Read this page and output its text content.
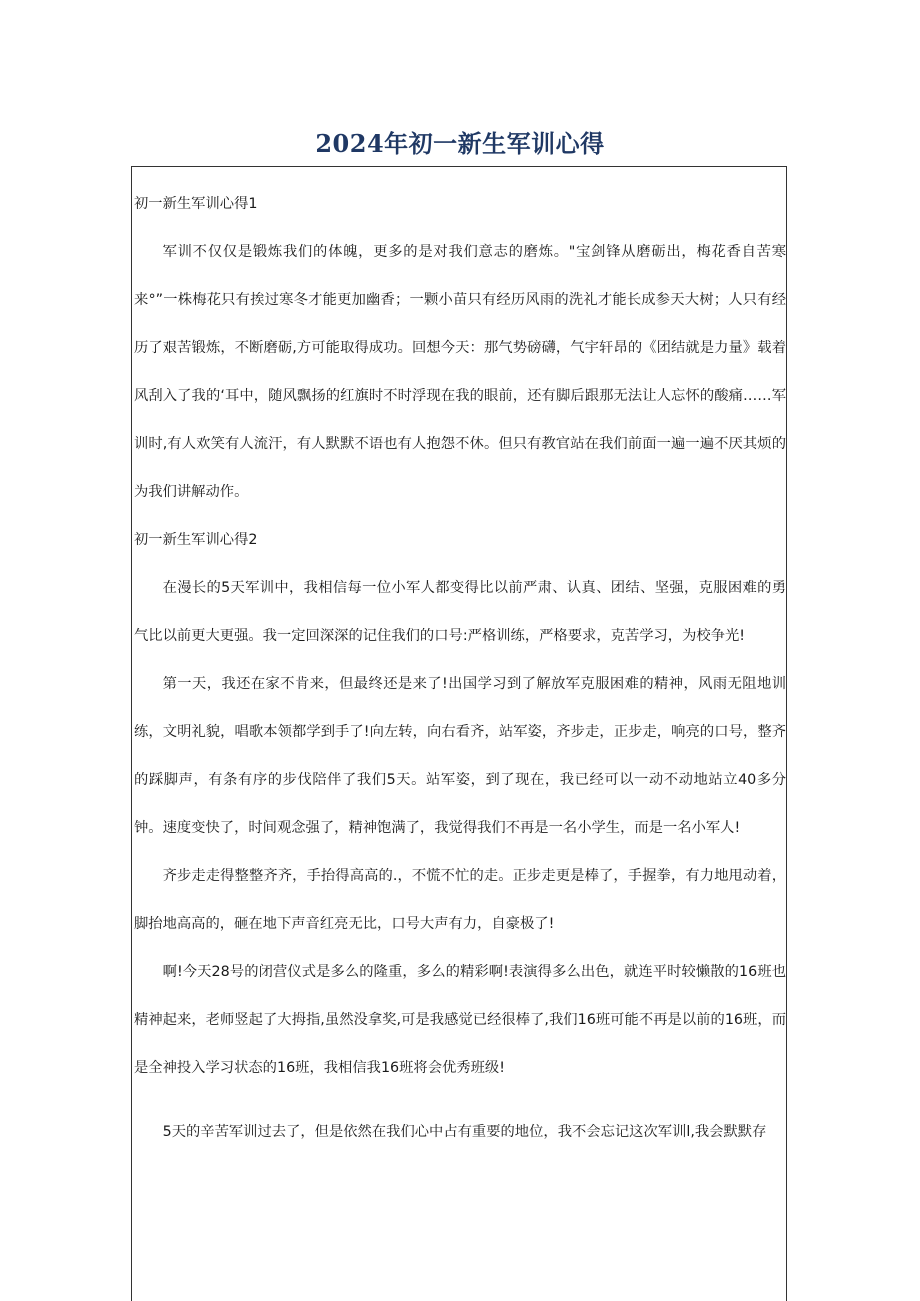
2024年初一新生军训心得

初一新生军训心得1

军训不仅仅是锻炼我们的体魄，更多的是对我们意志的磨炼。"宝剑锋从磨砺出，梅花香自苦寒来°”一株梅花只有挨过寒冬才能更加幽香；一颗小苗只有经历风雨的洗礼才能长成参天大树；人只有经历了艰苦锻炼，不断磨砺,方可能取得成功。回想今天：那气势磅礴，气宇轩昂的《团结就是力量》载着风刮入了我的‘耳中，随风飘扬的红旗时不时浮现在我的眼前，还有脚后跟那无法让人忘怀的酸痛……军训时,有人欢笑有人流汗，有人默默不语也有人抱怨不休。但只有教官站在我们前面一遍一遍不厌其烦的为我们讲解动作。

初一新生军训心得2

在漫长的5天军训中，我相信每一位小军人都变得比以前严肃、认真、团结、坚强，克服困难的勇气比以前更大更强。我一定回深深的记住我们的口号:严格训练，严格要求，克苦学习，为校争光!

第一天，我还在家不肯来，但最终还是来了!出国学习到了解放军克服困难的精神，风雨无阻地训练，文明礼貌，唱歌本领都学到手了!向左转，向右看齐，站军姿，齐步走，正步走，响亮的口号，整齐的踩脚声，有条有序的步伐陪伴了我们5天。站军姿，到了现在，我已经可以一动不动地站立40多分钟。速度变快了，时间观念强了，精神饱满了，我觉得我们不再是一名小学生，而是一名小军人!

齐步走走得整整齐齐，手抬得高高的.，不慌不忙的走。正步走更是棒了，手握拳，有力地甩动着，脚抬地高高的，砸在地下声音红亮无比，口号大声有力，自豪极了!

啊!今天28号的闭营仪式是多么的隆重，多么的精彩啊!表演得多么出色，就连平时较懒散的16班也精神起来，老师竖起了大拇指,虽然没拿奖,可是我感觉已经很棒了,我们16班可能不再是以前的16班，而是全神投入学习状态的16班，我相信我16班将会优秀班级!

5天的辛苦军训过去了，但是依然在我们心中占有重要的地位，我不会忘记这次军训l,我会默默存
